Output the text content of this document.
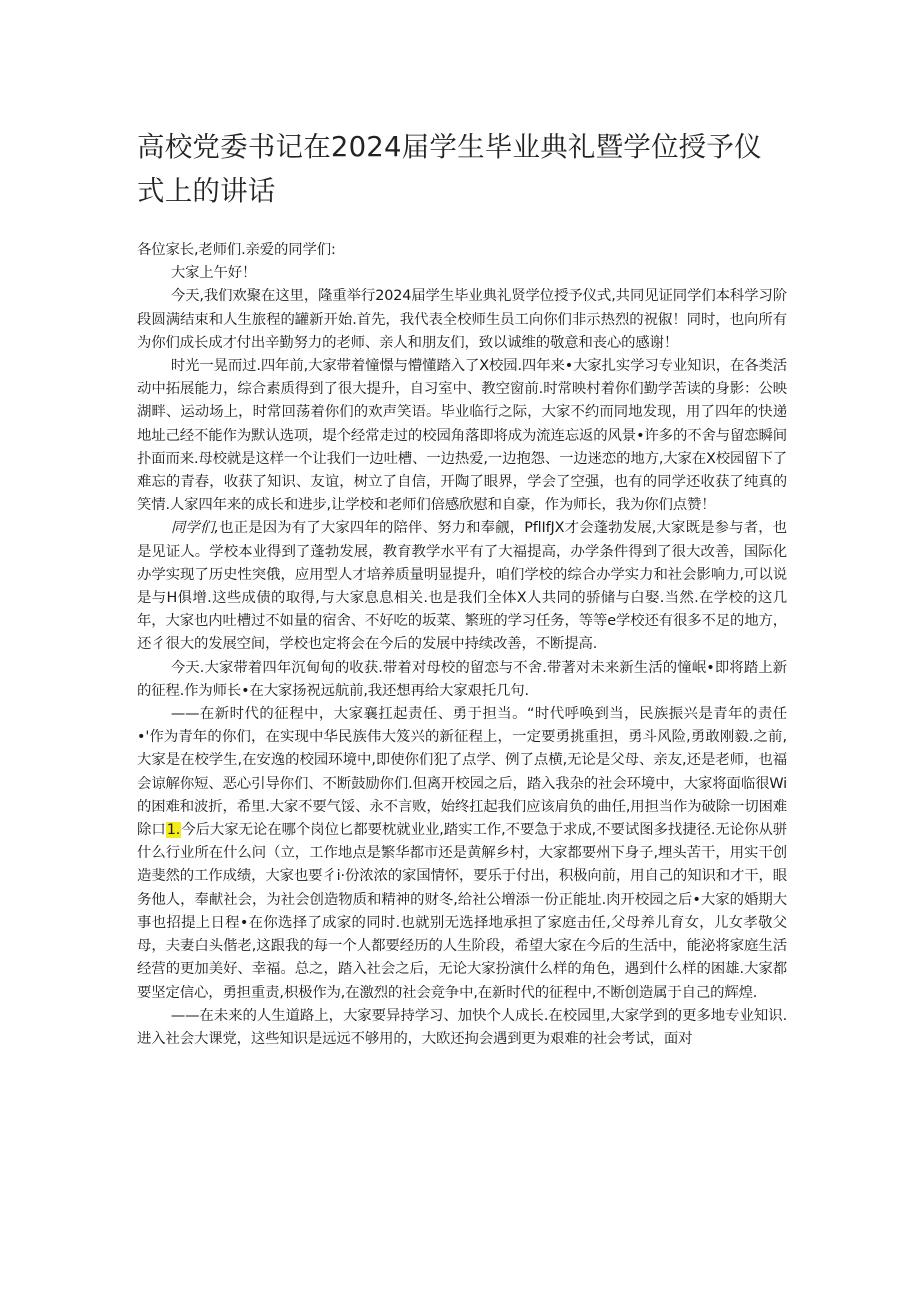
高校党委书记在2024届学生毕业典礼暨学位授予仪式上的讲话

各位家长,老师们.亲爱的同学们:

大家上午好！

今天,我们欢聚在这里，隆重举行2024届学生毕业典礼贤学位授予仪式,共同见证同学们本科学习阶段圆满结束和人生旅程的罐新开始.首先，我代表全校师生员工向你们非示热烈的祝俶！同时，也向所有为你们成长成才付出辛勤努力的老师、亲人和朋友们，致以诚维的敬意和丧心的感谢！

时光一晃而过.四年前,大家带着憧憬与懵懂踏入了X校园.四年来•大家扎实学习专业知识，在各类活动中拓展能力，综合素质得到了很大提升，自习室中、教空窗前.时常映村着你们勤学苦读的身影：公映湖畔、运动场上，时常回荡着你们的欢声笑语。毕业临行之际，大家不约而同地发现，用了四年的快递地址己经不能作为默认选项，堤个经常走过的校园角落即将成为流连忘返的风景•许多的不舍与留恋瞬间扑面而来.母校就是这样一个让我们一边吐槽、一边热爱,一边抱怨、一边迷恋的地方,大家在X校园留下了难忘的青春，收获了知识、友谊，树立了自信，开陶了眼界，学会了空强，也有的同学还收获了纯真的笑情.人家四年来的成长和进步,让学校和老师们倍感欣慰和自豪，作为师长，我为你们点赞！

同学们,也正是因为有了大家四年的陪伴、努力和奉觎，PflIfJX才会蓬勃发展,大家既是参与者，也是见证人。学校本业得到了蓬勃发展，教育教学水平有了大福提高，办学条件得到了很大改善，国际化办学实现了历史性突俄，应用型人才培养质量明显提升，咱们学校的综合办学实力和社会影响力,可以说是与H俱增.这些成债的取得,与大家息息相关.也是我们全体X人共同的骄储与白娶.当然.在学校的这几年，大家也内吐槽过不如量的宿舍、不好吃的坂菜、繁班的学习任务，等等e学校还有很多不足的地方，还彳很大的发展空间，学校也定将会在今后的发展中持续改善，不断提高.

今天.大家带着四年沉甸甸的收获.带着对母校的留恋与不舍.带著对未来新生活的憧岷•即将踏上新的征程.作为师长•在大家扬祝远航前,我还想再给大家艰托几句.

——在新时代的征程中，大家襄扛起责任、勇于担当。“时代呼唤到当，民族振兴是青年的责任•'作为青年的你们，在实现中华民族伟大笈兴的新征程上，一定要勇挑重担，勇斗风险,勇敢刚毅.之前,大家是在校学生,在安逸的校园环境中,即使你们犯了点学、例了点横,无论是父母、亲友,还是老师，也福会谅解你短、恶心引导你们、不断鼓励你们.但离开校园之后，踏入我杂的社会环境中，大家将面临很Wi的困难和波折，希里.大家不要气馁、永不言败，始终扛起我们应该肩负的曲任,用担当作为破除一切困难除口1.今后大家无论在哪个岗位匕都要枕就业业,踏实工作,不要急于求成,不要试图多找捷径.无论你从骈什么行业所在什么问（立，工作地点是繁华都市还是黄解乡村，大家都要州下身子,埋头苦干，用实干创造斐然的工作成绩，大家也要彳i·份浓浓的家国情怀，要乐于付出，积极向前，用自己的知识和才干，眼务他人，奉献社会，为社会创造物质和精神的财冬,给社公増添一份正能址.肉开校园之后•大家的婚期大事也招提上日程•在你选择了成家的同时.也就别无选择地承担了家庭击任,父母养儿育女，儿女孝敬父母，夫妻白头偕老,这跟我的每一个人都要经历的人生阶段，希望大家在今后的生活中，能泌将家庭生活经营的更加美好、幸福。总之，踏入社会之后，无论大家扮演什么样的角色，遇到什么样的困雄.大家都要坚定信心，勇担重责,枳极作为,在激烈的社会竞争中,在新时代的征程中,不断创造属于自己的辉煌.

——在未来的人生道路上，大家要异持学习、加快个人成长.在校园里,大家学到的更多地专业知识.进入社会大课党，这些知识是远远不够用的，大欧还拘会遇到更为艰难的社会考试，面对
